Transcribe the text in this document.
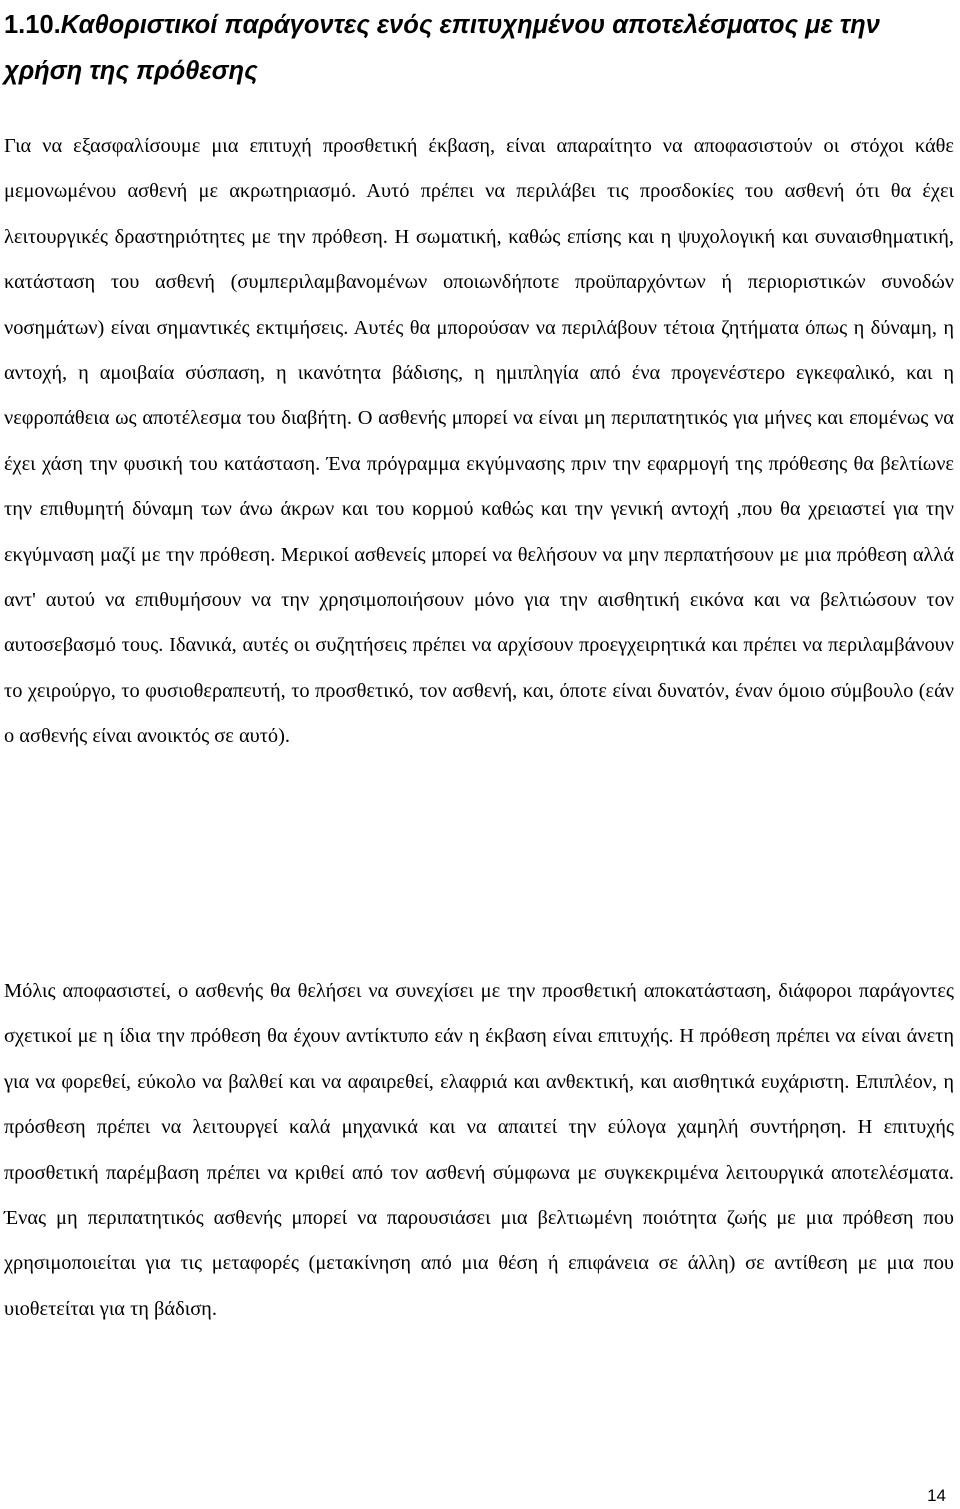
1.10.Καθοριστικοί παράγοντες ενός επιτυχημένου αποτελέσματος με την χρήση της πρόθεσης

Για να εξασφαλίσουμε μια επιτυχή προσθετική έκβαση, είναι απαραίτητο να αποφασιστούν οι στόχοι κάθε μεμονωμένου ασθενή με ακρωτηριασμό. Αυτό πρέπει να περιλάβει τις προσδοκίες του ασθενή ότι θα έχει λειτουργικές δραστηριότητες με την πρόθεση. Η σωματική, καθώς επίσης και η ψυχολογική και συναισθηματική, κατάσταση του ασθενή (συμπεριλαμβανομένων οποιωνδήποτε προϋπαρχόντων ή περιοριστικών συνοδών νοσημάτων) είναι σημαντικές εκτιμήσεις. Αυτές θα μπορούσαν να περιλάβουν τέτοια ζητήματα όπως η δύναμη, η αντοχή, η αμοιβαία σύσπαση, η ικανότητα βάδισης, η ημιπληγία από ένα προγενέστερο εγκεφαλικό, και η νεφροπάθεια ως αποτέλεσμα του διαβήτη. Ο ασθενής μπορεί να είναι μη περιπατητικός για μήνες και επομένως να έχει χάση την φυσική του κατάσταση. Ένα πρόγραμμα εκγύμνασης πριν την εφαρμογή της πρόθεσης θα βελτίωνε την επιθυμητή δύναμη των άνω άκρων και του κορμού καθώς και την γενική αντοχή ,που θα χρειαστεί για την εκγύμναση μαζί με την πρόθεση. Μερικοί ασθενείς μπορεί να θελήσουν να μην περπατήσουν με μια πρόθεση αλλά αντ' αυτού να επιθυμήσουν να την χρησιμοποιήσουν μόνο για την αισθητική εικόνα και να βελτιώσουν τον αυτοσεβασμό τους. Ιδανικά, αυτές οι συζητήσεις πρέπει να αρχίσουν προεγχειρητικά και πρέπει να περιλαμβάνουν το χειρούργο, το φυσιοθεραπευτή, το προσθετικό, τον ασθενή, και, όποτε είναι δυνατόν, έναν όμοιο σύμβουλο (εάν ο ασθενής είναι ανοικτός σε αυτό).

Μόλις αποφασιστεί, ο ασθενής θα θελήσει να συνεχίσει με την προσθετική αποκατάσταση, διάφοροι παράγοντες σχετικοί με η ίδια την πρόθεση θα έχουν αντίκτυπο εάν η έκβαση είναι επιτυχής. Η πρόθεση πρέπει να είναι άνετη για να φορεθεί, εύκολο να βαλθεί και να αφαιρεθεί, ελαφριά και ανθεκτική, και αισθητικά ευχάριστη. Επιπλέον, η πρόσθεση πρέπει να λειτουργεί καλά μηχανικά και να απαιτεί την εύλογα χαμηλή συντήρηση. Η επιτυχής προσθετική παρέμβαση πρέπει να κριθεί από τον ασθενή σύμφωνα με συγκεκριμένα λειτουργικά αποτελέσματα. Ένας μη περιπατητικός ασθενής μπορεί να παρουσιάσει μια βελτιωμένη ποιότητα ζωής με μια πρόθεση που χρησιμοποιείται για τις μεταφορές (μετακίνηση από μια θέση ή επιφάνεια σε άλλη) σε αντίθεση με μια που υιοθετείται για τη βάδιση.

14
